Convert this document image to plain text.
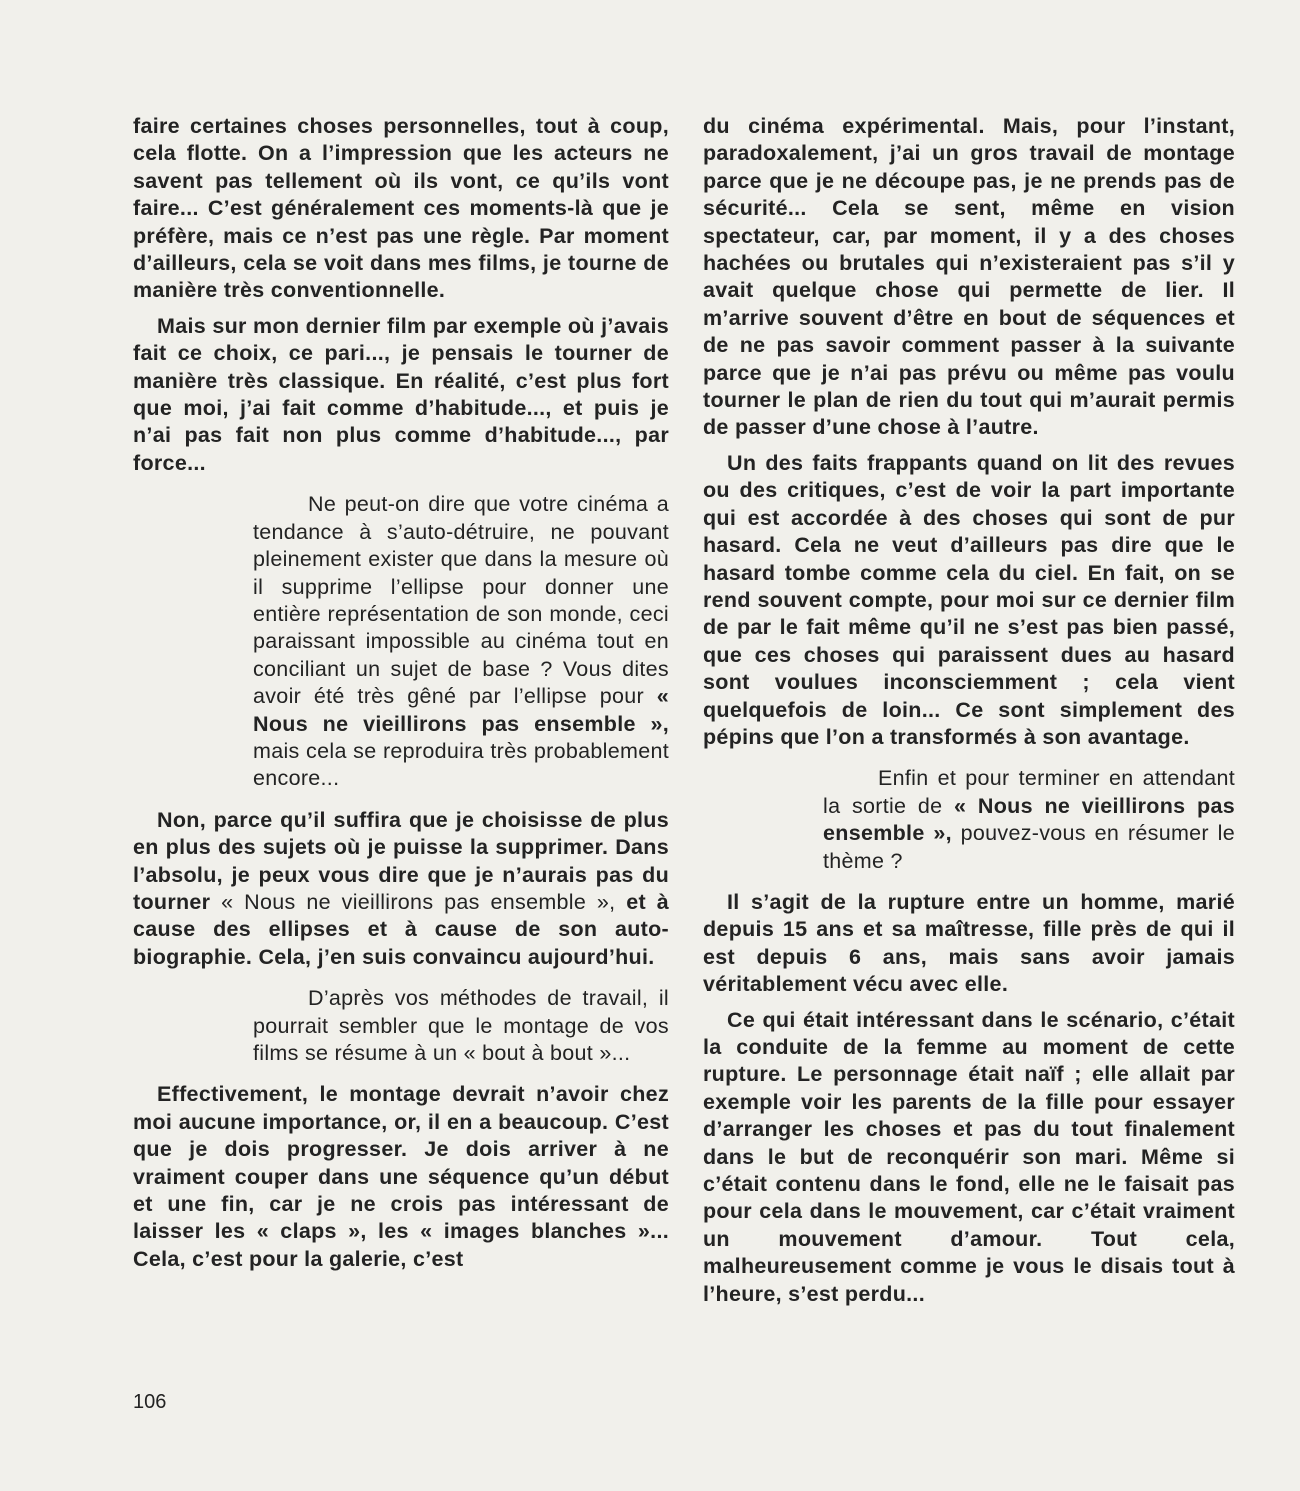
faire certaines choses personnelles, tout à coup, cela flotte. On a l’impression que les acteurs ne savent pas tellement où ils vont, ce qu’ils vont faire... C’est généralement ces moments-là que je préfère, mais ce n’est pas une règle. Par moment d’ailleurs, cela se voit dans mes films, je tourne de manière très conventionnelle.

Mais sur mon dernier film par exemple où j’avais fait ce choix, ce pari..., je pensais le tourner de manière très classique. En réalité, c’est plus fort que moi, j’ai fait comme d’habitude..., et puis je n’ai pas fait non plus comme d’habitude..., par force...

Ne peut-on dire que votre cinéma a tendance à s’auto-détruire, ne pouvant pleinement exister que dans la mesure où il supprime l’ellipse pour donner une entière représentation de son monde, ceci paraissant impossible au cinéma tout en conciliant un sujet de base ? Vous dites avoir été très gêné par l’ellipse pour « Nous ne vieillirons pas ensemble », mais cela se reproduira très probablement encore...

Non, parce qu’il suffira que je choisisse de plus en plus des sujets où je puisse la supprimer. Dans l’absolu, je peux vous dire que je n’aurais pas du tourner « Nous ne vieillirons pas ensemble », et à cause des ellipses et à cause de son auto-biographie. Cela, j’en suis convaincu aujourd’hui.

D’après vos méthodes de travail, il pourrait sembler que le montage de vos films se résume à un « bout à bout »...

Effectivement, le montage devrait n’avoir chez moi aucune importance, or, il en a beaucoup. C’est que je dois progresser. Je dois arriver à ne vraiment couper dans une séquence qu’un début et une fin, car je ne crois pas intéressant de laisser les « claps », les « images blanches »... Cela, c’est pour la galerie, c’est

du cinéma expérimental. Mais, pour l’instant, paradoxalement, j’ai un gros travail de montage parce que je ne découpe pas, je ne prends pas de sécurité... Cela se sent, même en vision spectateur, car, par moment, il y a des choses hachées ou brutales qui n’existeraient pas s’il y avait quelque chose qui permette de lier. Il m’arrive souvent d’être en bout de séquences et de ne pas savoir comment passer à la suivante parce que je n’ai pas prévu ou même pas voulu tourner le plan de rien du tout qui m’aurait permis de passer d’une chose à l’autre.

Un des faits frappants quand on lit des revues ou des critiques, c’est de voir la part importante qui est accordée à des choses qui sont de pur hasard. Cela ne veut d’ailleurs pas dire que le hasard tombe comme cela du ciel. En fait, on se rend souvent compte, pour moi sur ce dernier film de par le fait même qu’il ne s’est pas bien passé, que ces choses qui paraissent dues au hasard sont voulues inconsciemment ; cela vient quelquefois de loin... Ce sont simplement des pépins que l’on a transformés à son avantage.

Enfin et pour terminer en attendant la sortie de « Nous ne vieillirons pas ensemble », pouvez-vous en résumer le thème ?

Il s’agit de la rupture entre un homme, marié depuis 15 ans et sa maîtresse, fille près de qui il est depuis 6 ans, mais sans avoir jamais véritablement vécu avec elle.

Ce qui était intéressant dans le scénario, c’était la conduite de la femme au moment de cette rupture. Le personnage était naïf ; elle allait par exemple voir les parents de la fille pour essayer d’arranger les choses et pas du tout finalement dans le but de reconquérir son mari. Même si c’était contenu dans le fond, elle ne le faisait pas pour cela dans le mouvement, car c’était vraiment un mouvement d’amour. Tout cela, malheureusement comme je vous le disais tout à l’heure, s’est perdu...

106
